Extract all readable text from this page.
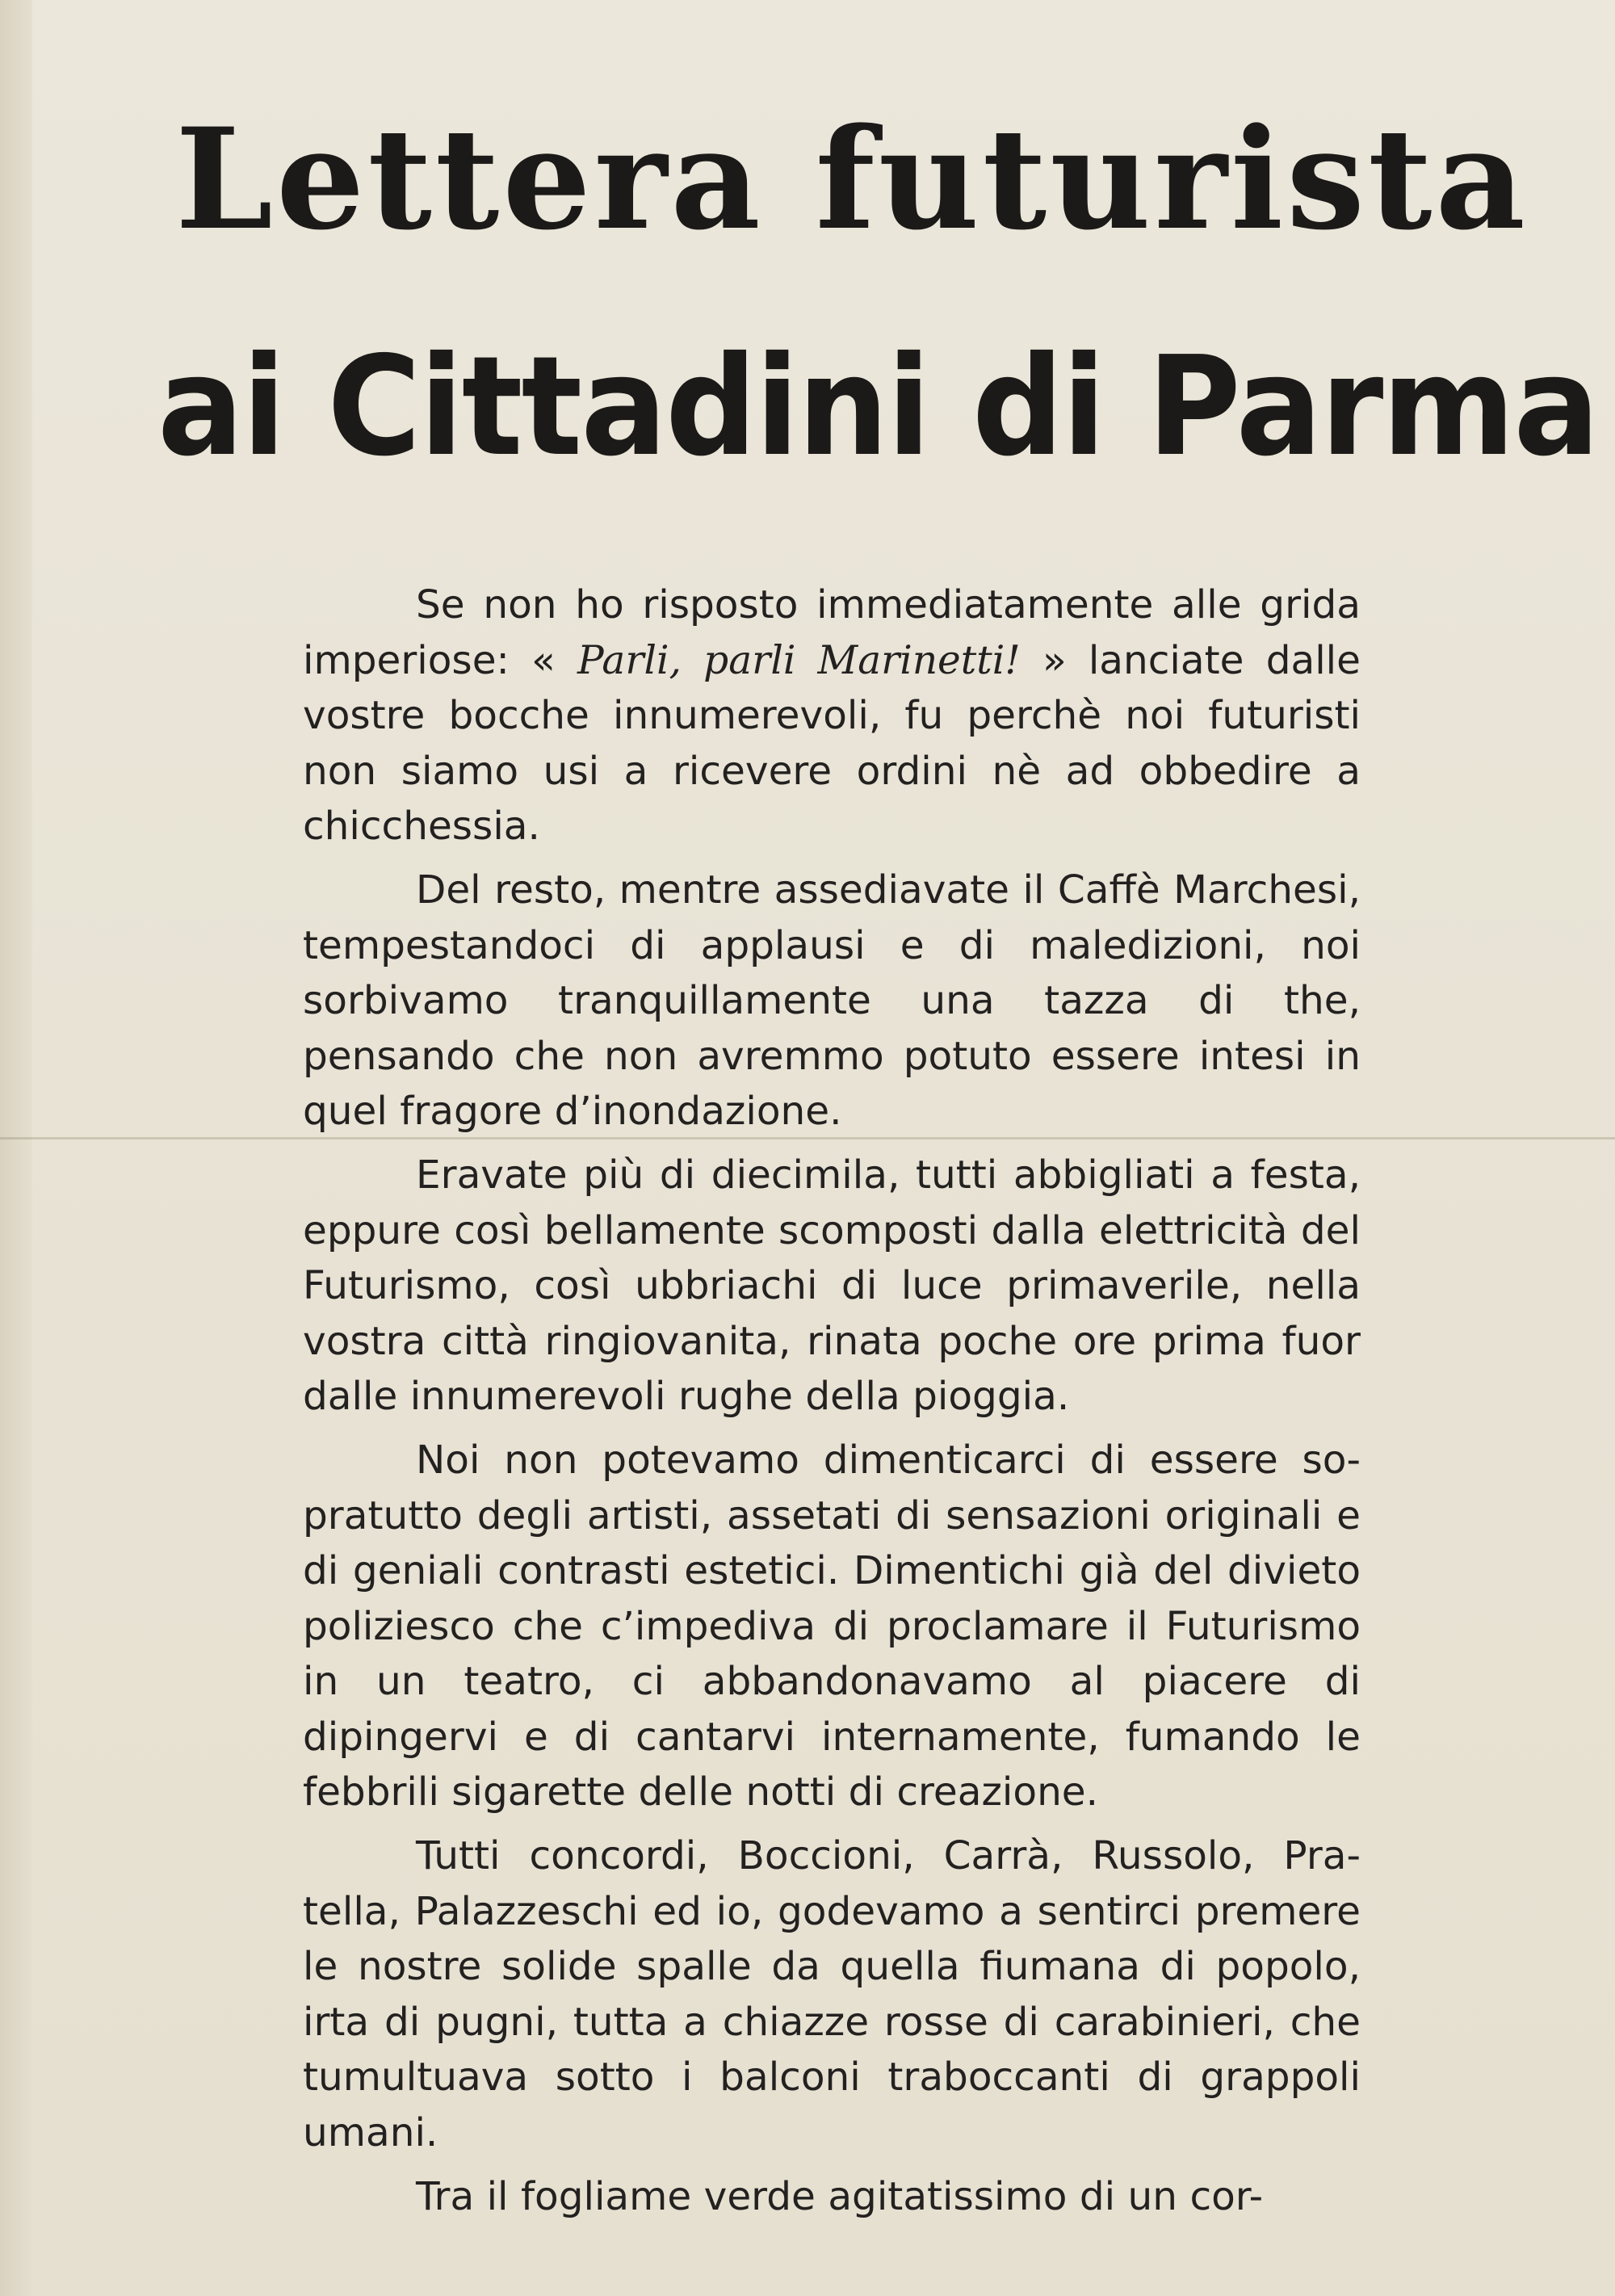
Lettera futurista
ai Cittadini di Parma

Se non ho risposto immediatamente alle grida imperiose: « Parli, parli Marinetti! » lanciate dalle vostre bocche innumerevoli, fu perchè noi futuristi non siamo usi a ricevere ordini nè ad obbedire a chicchessia.

Del resto, mentre assediavate il Caffè Marchesi, tempestandoci di applausi e di maledizioni, noi sorbivamo tranquillamente una tazza di the, pensando che non avremmo potuto essere intesi in quel fragore d’inondazione.

Eravate più di diecimila, tutti abbigliati a festa, eppure così bellamente scomposti dalla elettricità del Futurismo, così ubbriachi di luce primaverile, nella vostra città ringiovanita, rinata poche ore prima fuor dalle innumerevoli rughe della pioggia.

Noi non potevamo dimenticarci di essere sopratutto degli artisti, assetati di sensazioni originali e di geniali contrasti estetici. Dimentichi già del divieto poliziesco che c’impediva di proclamare il Futurismo in un teatro, ci abbandonavamo al piacere di dipingervi e di cantarvi internamente, fumando le febbrili sigarette delle notti di creazione.

Tutti concordi, Boccioni, Carrà, Russolo, Pratella, Palazzeschi ed io, godevamo a sentirci premere le nostre solide spalle da quella fiumana di popolo, irta di pugni, tutta a chiazze rosse di carabinieri, che tumultuava sotto i balconi traboccanti di grappoli umani.

Tra il fogliame verde agitatissimo di un cor-
